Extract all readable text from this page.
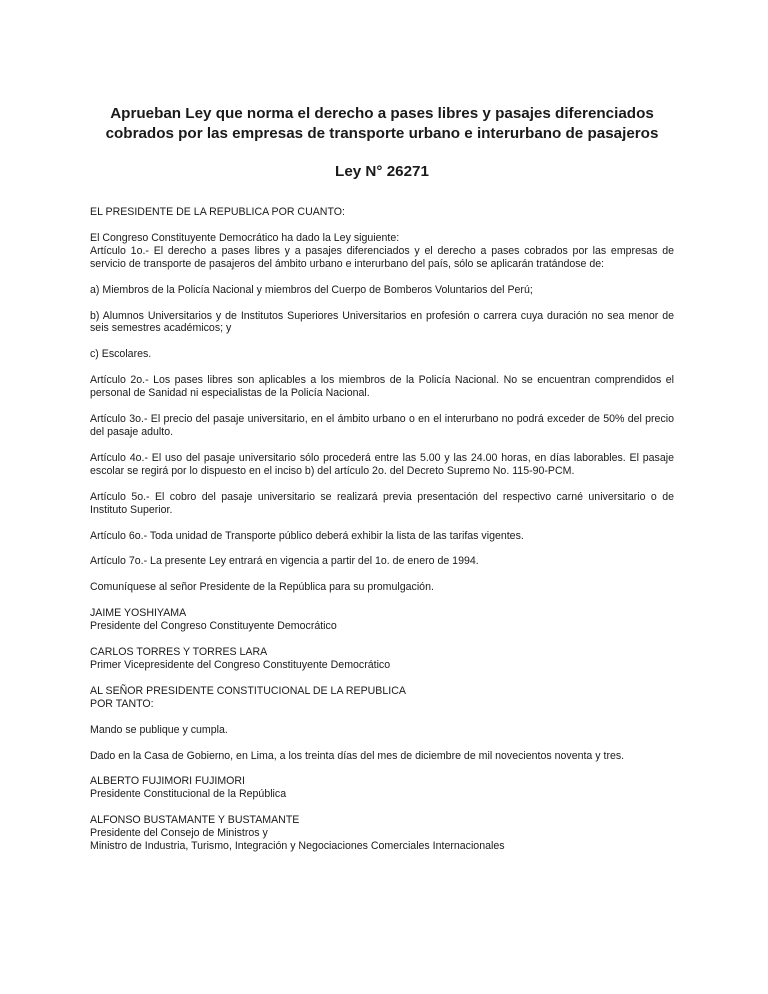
Aprueban Ley que norma el derecho a pases libres y pasajes diferenciados
cobrados por las empresas de transporte urbano e interurbano de pasajeros
Ley N° 26271

EL PRESIDENTE DE LA REPUBLICA POR CUANTO:

El Congreso Constituyente Democrático ha dado la Ley siguiente:
Artículo 1o.- El derecho a pases libres y a pasajes diferenciados y el derecho a pases cobrados por las empresas de servicio de transporte de pasajeros del ámbito urbano e interurbano del país, sólo se aplicarán tratándose de:

a) Miembros de la Policía Nacional y miembros del Cuerpo de Bomberos Voluntarios del Perú;

b) Alumnos Universitarios y de Institutos Superiores Universitarios en profesión o carrera cuya duración no sea menor de seis semestres académicos; y

c) Escolares.

Artículo 2o.- Los pases libres son aplicables a los miembros de la Policía Nacional. No se encuentran comprendidos el personal de Sanidad ni especialistas de la Policía Nacional.

Artículo 3o.- El precio del pasaje universitario, en el ámbito urbano o en el interurbano no podrá exceder de 50% del precio del pasaje adulto.

Artículo 4o.- El uso del pasaje universitario sólo procederá entre las 5.00 y las 24.00 horas, en días laborables. El pasaje escolar se regirá por lo dispuesto en el inciso b) del artículo 2o. del Decreto Supremo No. 115-90-PCM.

Artículo 5o.- El cobro del pasaje universitario se realizará previa presentación del respectivo carné universitario o de Instituto Superior.

Artículo 6o.- Toda unidad de Transporte público deberá exhibir la lista de las tarifas vigentes.

Artículo 7o.- La presente Ley entrará en vigencia a partir del 1o. de enero de 1994.

Comuníquese al señor Presidente de la República para su promulgación.

JAIME YOSHIYAMA
Presidente del Congreso Constituyente Democrático

CARLOS TORRES Y TORRES LARA
Primer Vicepresidente del Congreso Constituyente Democrático

AL SEÑOR PRESIDENTE CONSTITUCIONAL DE LA REPUBLICA
POR TANTO:

Mando se publique y cumpla.

Dado en la Casa de Gobierno, en Lima, a los treinta días del mes de diciembre de mil novecientos noventa y tres.

ALBERTO FUJIMORI FUJIMORI
Presidente Constitucional de la República

ALFONSO BUSTAMANTE Y BUSTAMANTE
Presidente del Consejo de Ministros y
Ministro de Industria, Turismo, Integración y Negociaciones Comerciales Internacionales
